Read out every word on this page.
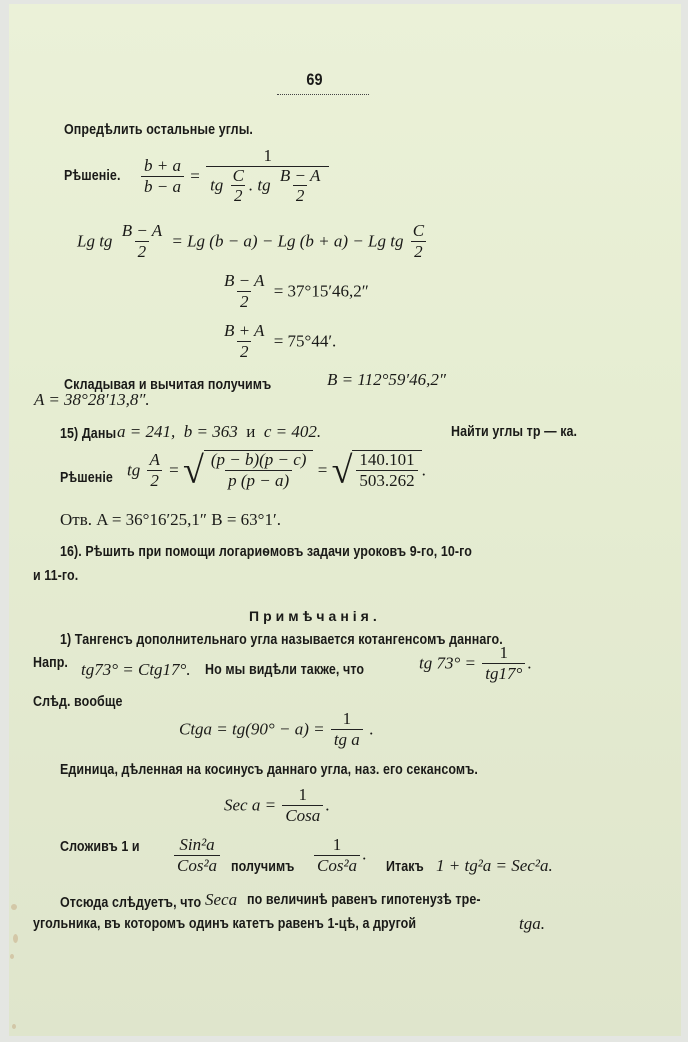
69
Опредѣлить остальные углы.
Рѣшеніе. $\frac{b + a}{b - a} = \frac{1}{tg \frac{C}{2} . tg \frac{B - A}{2}}$
Lg tg $\frac{B - A}{2} = Lg$ (b − a) − Lg (b + a) − Lg tg $\frac{C}{2}$
$\frac{B - A}{2} = 37^\circ 15'46,2''$
$\frac{B + A}{2} = 75^\circ 44'$.
Складывая и вычитая получимъ	B = 112°59′46,2″
A = 38°28′13,8″.
15) Даны a = 241, b = 363 и c = 402.	Найти углы тр — ка.
Рѣшеніе tg $\frac{A}{2}$ = √ $\frac{(p - b)(p - c)}{p (p - a)}$ = √ $\frac{140.101}{503.262}$ .
Отв. A = 36°16′25,1″ B = 63°1′.
16). Рѣшить при помощи логариѳмовъ задачи уроковъ 9-го, 10-го
и 11-го.
Примѣчанія.
1) Тангенсъ дополнительнаго угла называется котангенсомъ даннаго.
Напр. tg73° = Ctg17°. Но мы видѣли также, что	tg $73^\circ = \frac{1}{tg17^\circ}$ .
Слѣд. вообще
Ctga = $tg(90^\circ - a) = \frac{1}{\text{tg a}}$ .
Единица, дѣленная на косинусъ даннаго угла, наз. его секансомъ.
Sec $a = \frac{1}{\text{Cosa}}$ .
Сложивъ 1 и	$\frac{\text{Sin²a}}{\text{Cos²a}}$ получимъ $\frac{1}{\text{Cos²a}}$ .
Итакъ 1 + tg²a = Sec²a.
Отсюда слѣдуетъ, что Seca по величинѣ равенъ гипотенузѣ тре-
угольника, въ которомъ одинъ катетъ равенъ 1-цѣ, а другой	tga.
